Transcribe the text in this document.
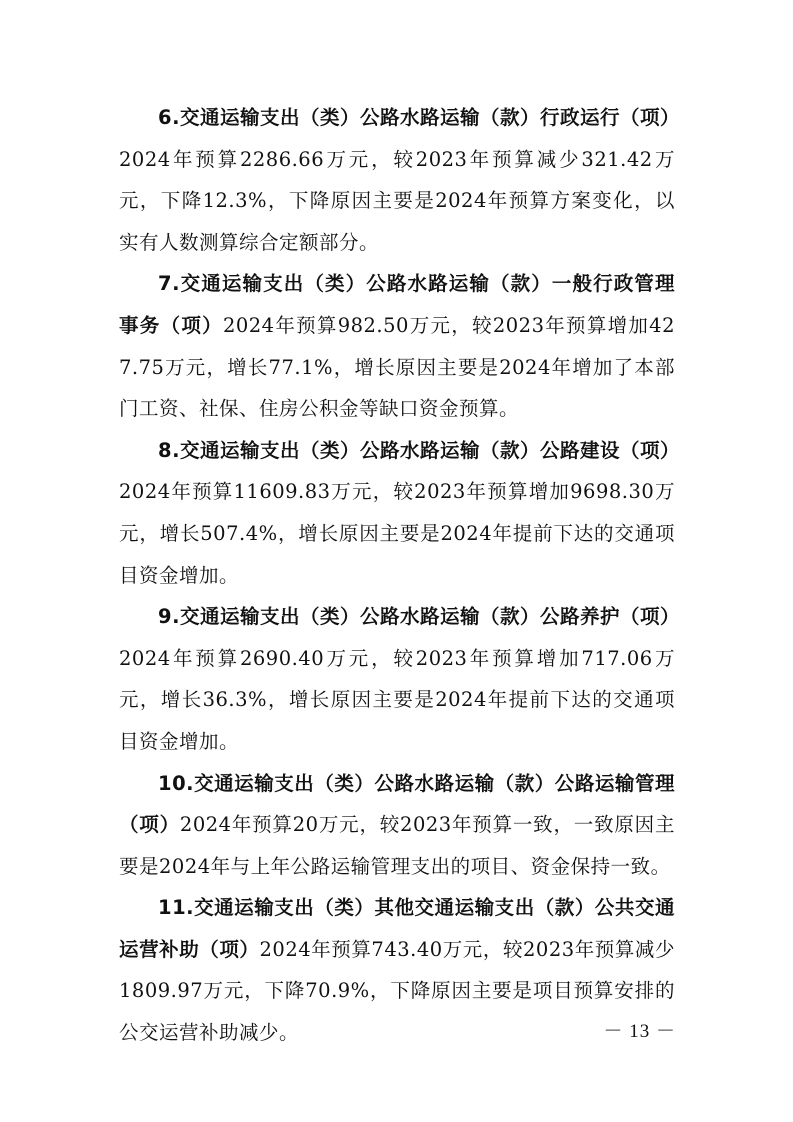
6.交通运输支出（类）公路水路运输（款）行政运行（项）2024年预算2286.66万元，较2023年预算减少321.42万元，下降12.3%，下降原因主要是2024年预算方案变化，以实有人数测算综合定额部分。

7.交通运输支出（类）公路水路运输（款）一般行政管理事务（项）2024年预算982.50万元，较2023年预算增加427.75万元，增长77.1%，增长原因主要是2024年增加了本部门工资、社保、住房公积金等缺口资金预算。

8.交通运输支出（类）公路水路运输（款）公路建设（项）2024年预算11609.83万元，较2023年预算增加9698.30万元，增长507.4%，增长原因主要是2024年提前下达的交通项目资金增加。

9.交通运输支出（类）公路水路运输（款）公路养护（项）2024年预算2690.40万元，较2023年预算增加717.06万元，增长36.3%，增长原因主要是2024年提前下达的交通项目资金增加。

10.交通运输支出（类）公路水路运输（款）公路运输管理（项）2024年预算20万元，较2023年预算一致，一致原因主要是2024年与上年公路运输管理支出的项目、资金保持一致。

11.交通运输支出（类）其他交通运输支出（款）公共交通运营补助（项）2024年预算743.40万元，较2023年预算减少1809.97万元，下降70.9%，下降原因主要是项目预算安排的公交运营补助减少。	－ 13 －
